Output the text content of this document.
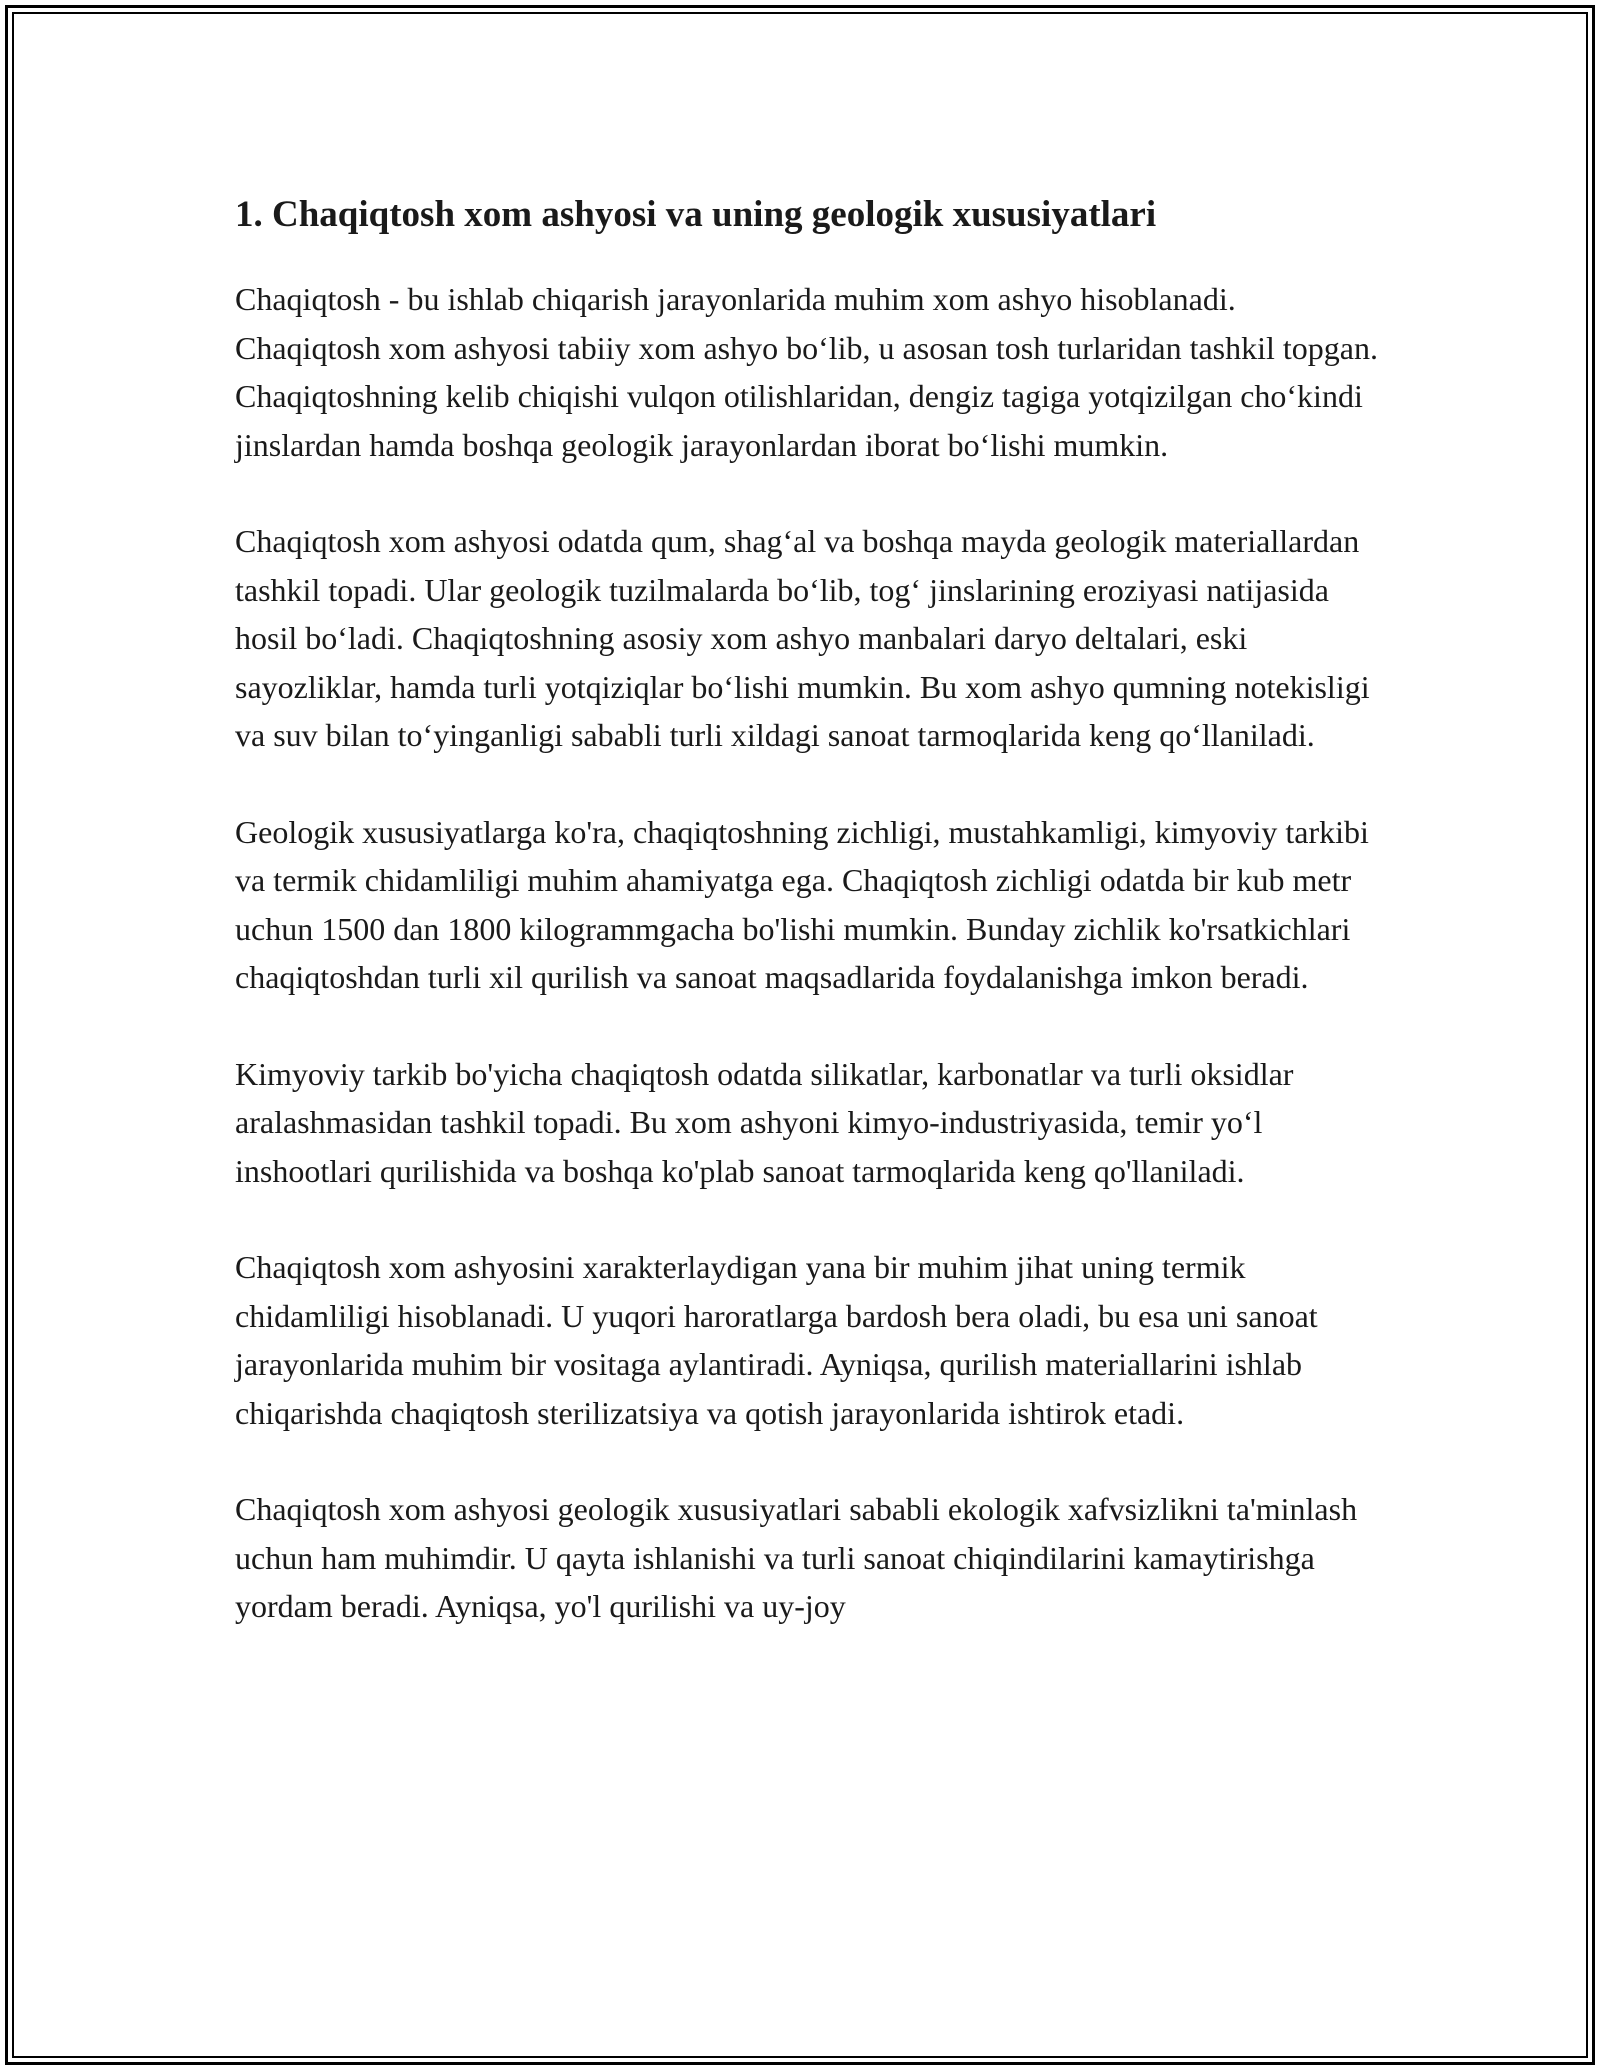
1. Chaqiqtosh xom ashyosi va uning geologik xususiyatlari

Chaqiqtosh - bu ishlab chiqarish jarayonlarida muhim xom ashyo hisoblanadi. Chaqiqtosh xom ashyosi tabiiy xom ashyo bo‘lib, u asosan tosh turlaridan tashkil topgan. Chaqiqtoshning kelib chiqishi vulqon otilishlaridan, dengiz tagiga yotqizilgan cho‘kindi jinslardan hamda boshqa geologik jarayonlardan iborat bo‘lishi mumkin.

Chaqiqtosh xom ashyosi odatda qum, shag‘al va boshqa mayda geologik materiallardan tashkil topadi. Ular geologik tuzilmalarda bo‘lib, tog‘ jinslarining eroziyasi natijasida hosil bo‘ladi. Chaqiqtoshning asosiy xom ashyo manbalari daryo deltalari, eski sayozliklar, hamda turli yotqiziqlar bo‘lishi mumkin. Bu xom ashyo qumning notekisligi va suv bilan to‘yinganligi sababli turli xildagi sanoat tarmoqlarida keng qo‘llaniladi.

Geologik xususiyatlarga ko'ra, chaqiqtoshning zichligi, mustahkamligi, kimyoviy tarkibi va termik chidamliligi muhim ahamiyatga ega. Chaqiqtosh zichligi odatda bir kub metr uchun 1500 dan 1800 kilogrammgacha bo'lishi mumkin. Bunday zichlik ko'rsatkichlari chaqiqtoshdan turli xil qurilish va sanoat maqsadlarida foydalanishga imkon beradi.

Kimyoviy tarkib bo'yicha chaqiqtosh odatda silikatlar, karbonatlar va turli oksidlar aralashmasidan tashkil topadi. Bu xom ashyoni kimyo-industriyasida, temir yo‘l inshootlari qurilishida va boshqa ko'plab sanoat tarmoqlarida keng qo'llaniladi.

Chaqiqtosh xom ashyosini xarakterlaydigan yana bir muhim jihat uning termik chidamliligi hisoblanadi. U yuqori haroratlarga bardosh bera oladi, bu esa uni sanoat jarayonlarida muhim bir vositaga aylantiradi. Ayniqsa, qurilish materiallarini ishlab chiqarishda chaqiqtosh sterilizatsiya va qotish jarayonlarida ishtirok etadi.

Chaqiqtosh xom ashyosi geologik xususiyatlari sababli ekologik xafvsizlikni ta'minlash uchun ham muhimdir. U qayta ishlanishi va turli sanoat chiqindilarini kamaytirishga yordam beradi. Ayniqsa, yo'l qurilishi va uy-joy
